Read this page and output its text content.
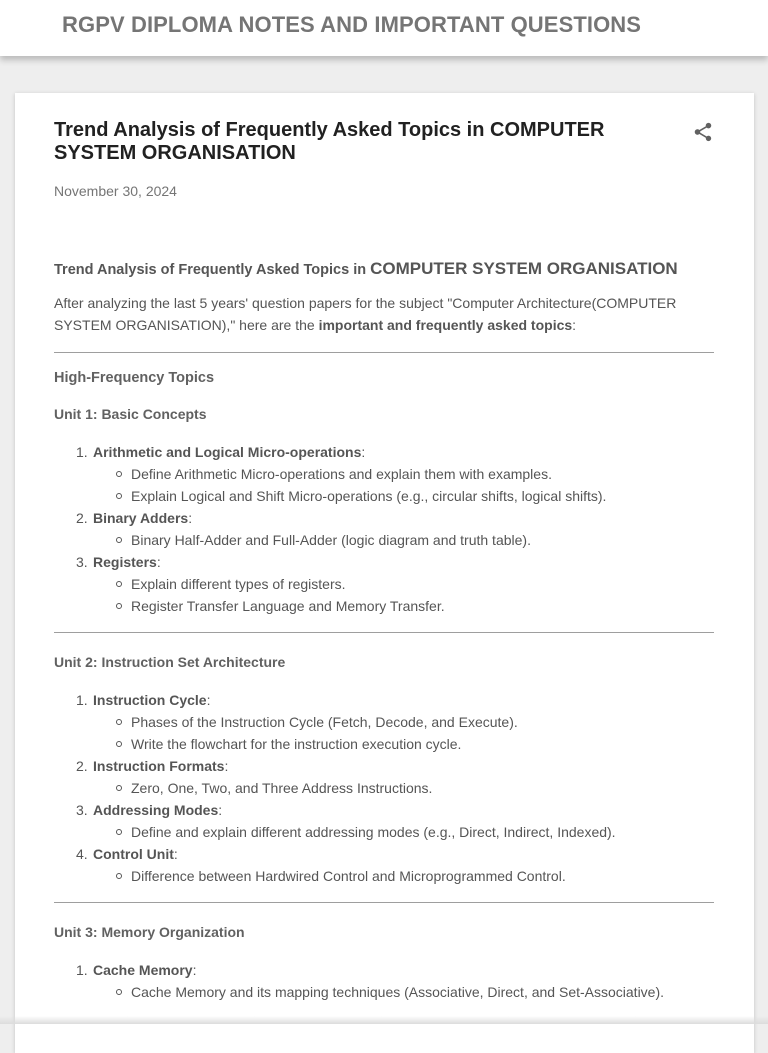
RGPV DIPLOMA NOTES AND IMPORTANT QUESTIONS
Trend Analysis of Frequently Asked Topics in COMPUTER SYSTEM ORGANISATION
November 30, 2024
Trend Analysis of Frequently Asked Topics in COMPUTER SYSTEM ORGANISATION

After analyzing the last 5 years' question papers for the subject "Computer Architecture(COMPUTER SYSTEM ORGANISATION)," here are the important and frequently asked topics:

High-Frequency Topics
Unit 1: Basic Concepts
1. Arithmetic and Logical Micro-operations:
Define Arithmetic Micro-operations and explain them with examples.
Explain Logical and Shift Micro-operations (e.g., circular shifts, logical shifts).
2. Binary Adders:
Binary Half-Adder and Full-Adder (logic diagram and truth table).
3. Registers:
Explain different types of registers.
Register Transfer Language and Memory Transfer.
Unit 2: Instruction Set Architecture
1. Instruction Cycle:
Phases of the Instruction Cycle (Fetch, Decode, and Execute).
Write the flowchart for the instruction execution cycle.
2. Instruction Formats:
Zero, One, Two, and Three Address Instructions.
3. Addressing Modes:
Define and explain different addressing modes (e.g., Direct, Indirect, Indexed).
4. Control Unit:
Difference between Hardwired Control and Microprogrammed Control.
Unit 3: Memory Organization
1. Cache Memory:
Cache Memory and its mapping techniques (Associative, Direct, and Set-Associative).
